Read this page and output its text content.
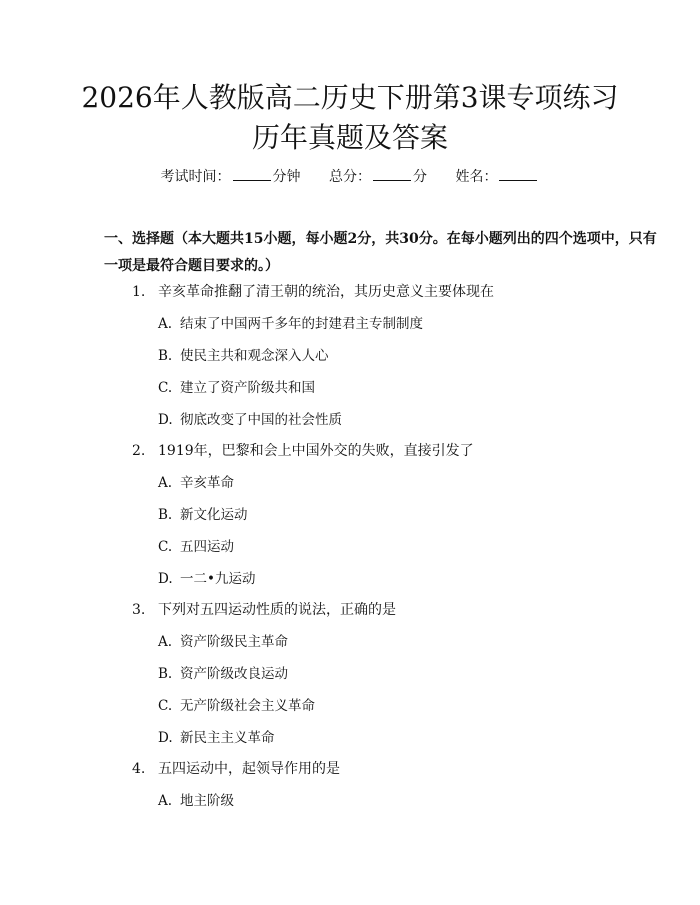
2026年人教版高二历史下册第3课专项练习
历年真题及答案
考试时间：	分钟 总分：	分 姓名：
一、选择题（本大题共15小题，每小题2分，共30分。在每小题列出的四个选项中，只有一项是最符合题目要求的。）
1. 辛亥革命推翻了清王朝的统治，其历史意义主要体现在
A. 结束了中国两千多年的封建君主专制制度
B. 使民主共和观念深入人心
C. 建立了资产阶级共和国
D. 彻底改变了中国的社会性质
2. 1919年，巴黎和会上中国外交的失败，直接引发了
A. 辛亥革命
B. 新文化运动
C. 五四运动
D. 一二•九运动
3. 下列对五四运动性质的说法，正确的是
A. 资产阶级民主革命
B. 资产阶级改良运动
C. 无产阶级社会主义革命
D. 新民主主义革命
4. 五四运动中，起领导作用的是
A. 地主阶级
